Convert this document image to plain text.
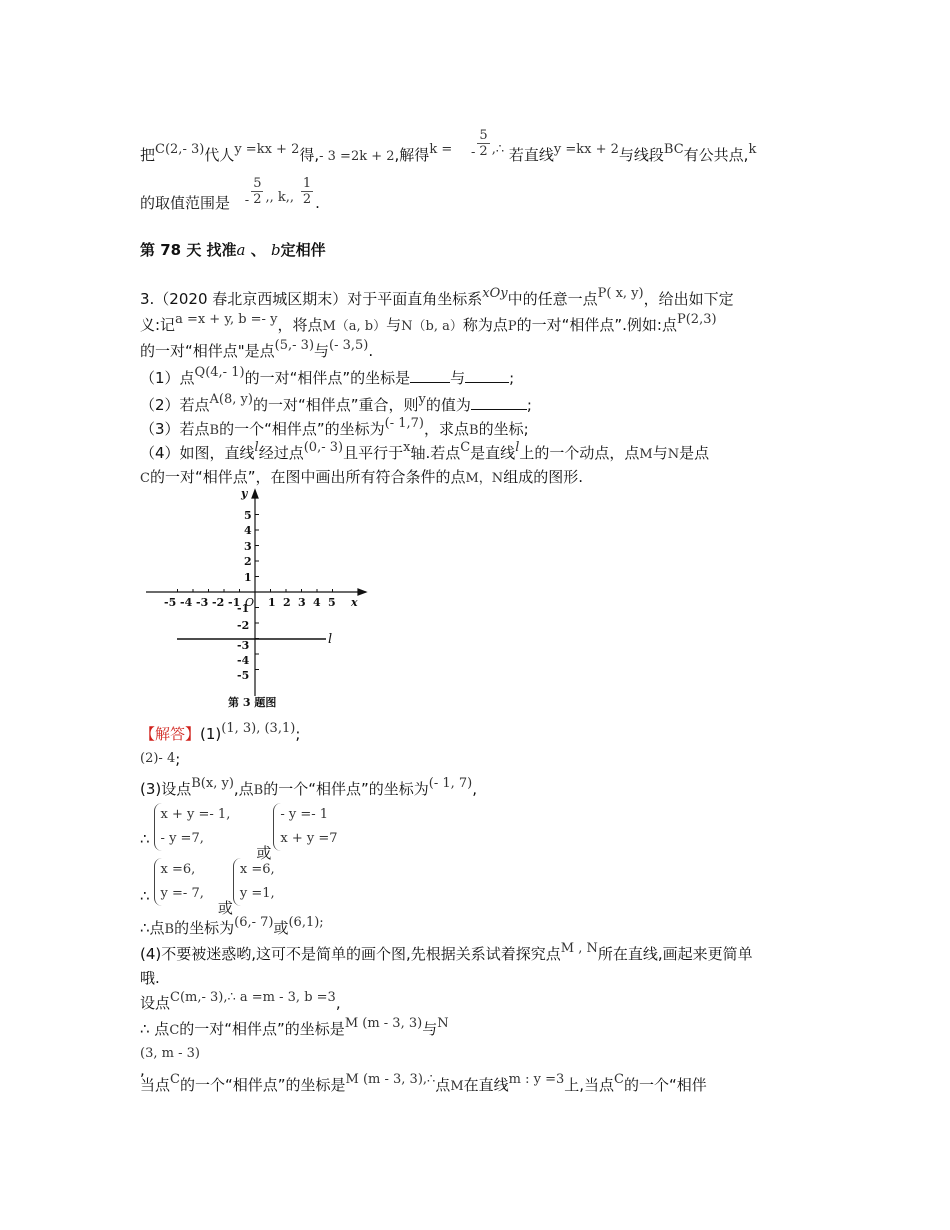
把C(2,- 3)代人y =kx + 2得,- 3 =2k + 2,解得k = - $\frac{5}{2}$ ,∴ 若直线y =kx + 2与线段BC有公共点,k
的取值范围是 - $\frac{5}{2}$ ,, k,, $\frac{1}{2}$ .
第 78 天 找准a 、 b定相伴
3.（2020 春北京西城区期末）对于平面直角坐标系xOy中的任意一点P( x, y)，给出如下定
义:记a =x + y, b =- y，将点M（a, b）与N（b, a）称为点P的一对“相伴点”.例如:点P(2,3)
的一对“相伴点"是点(5,- 3)与(- 3,5).
（1）点Q(4,- 1)的一对“相伴点”的坐标是	与	;
（2）若点A(8, y)的一对“相伴点”重合，则y的值为	;
（3）若点B的一个“相伴点”的坐标为(- 1,7)，求点B的坐标;
（4）如图，直线l经过点(0,- 3)且平行于x轴.若点C是直线l上的一个动点，点M与N是点
C的一对“相伴点”，在图中画出所有符合条件的点M，N组成的图形.
y
x
O
l
第 3 题图
-5 -4 -3 -2 -1	1 2 3 4 5
1
2
3
4
5
-1
-2
-3
-4
-5
【解答】(1)(1, 3), (3,1);
(2)- 4;
(3)设点B(x, y),点B的一个“相伴点”的坐标为(- 1, 7),
∴
x + y =- 1,
- y =7,
或
- y =- 1
x + y =7
∴
x =6,
y =- 7,
或
x =6,
y =1,
∴点B的坐标为(6,- 7)或(6,1);
(4)不要被迷惑哟,这可不是简单的画个图,先根据关系试着探究点M , N所在直线,画起来更简单
哦.
设点C(m,- 3),∴ a =m - 3, b =3,
∴ 点C的一对“相伴点”的坐标是M (m - 3, 3)与N
(3, m - 3)
,
当点C的一个“相伴点”的坐标是M (m - 3, 3),∴点M在直线m : y =3上,当点C的一个“相伴
